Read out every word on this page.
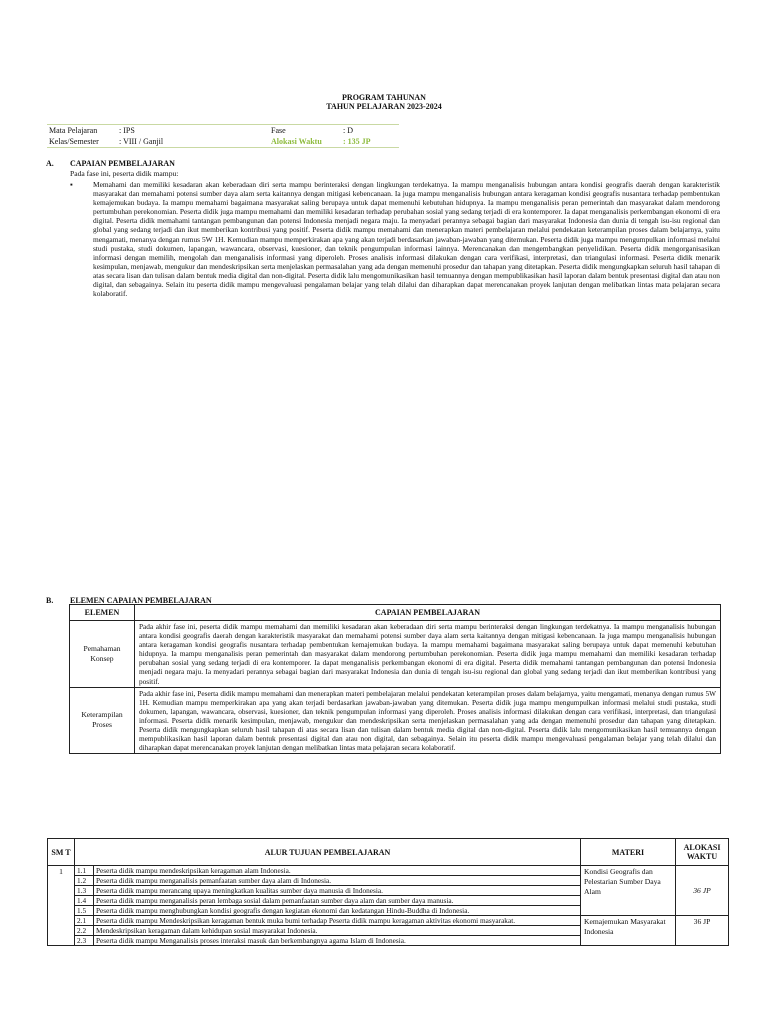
PROGRAM TAHUNAN
TAHUN PELAJARAN 2023-2024
Mata Pelajaran	: IPS	Fase	: D
Kelas/Semester	: VIII / Ganjil	Alokasi Waktu	: 135 JP
A. CAPAIAN PEMBELAJARAN
Pada fase ini, peserta didik mampu:
▪	Memahami dan memiliki kesadaran akan keberadaan diri serta mampu berinteraksi dengan lingkungan terdekatnya. Ia mampu menganalisis hubungan antara kondisi geografis daerah dengan karakteristik masyarakat dan memahami potensi sumber daya alam serta kaitannya dengan mitigasi kebencanaan. Ia juga mampu menganalisis hubungan antara keragaman kondisi geografis nusantara terhadap pembentukan kemajemukan budaya. Ia mampu memahami bagaimana masyarakat saling berupaya untuk dapat memenuhi kebutuhan hidupnya. Ia mampu menganalisis peran pemerintah dan masyarakat dalam mendorong pertumbuhan perekonomian. Peserta didik juga mampu memahami dan memiliki kesadaran terhadap perubahan sosial yang sedang terjadi di era kontemporer. Ia dapat menganalisis perkembangan ekonomi di era digital. Peserta didik memahami tantangan pembangunan dan potensi Indonesia menjadi negara maju. Ia menyadari perannya sebagai bagian dari masyarakat Indonesia dan dunia di tengah isu-isu regional dan global yang sedang terjadi dan ikut memberikan kontribusi yang positif. Peserta didik mampu memahami dan menerapkan materi pembelajaran melalui pendekatan keterampilan proses dalam belajarnya, yaitu mengamati, menanya dengan rumus 5W 1H. Kemudian mampu memperkirakan apa yang akan terjadi berdasarkan jawaban-jawaban yang ditemukan. Peserta didik juga mampu mengumpulkan informasi melalui studi pustaka, studi dokumen, lapangan, wawancara, observasi, kuesioner, dan teknik pengumpulan informasi lainnya. Merencanakan dan mengembangkan penyelidikan. Peserta didik mengorganisasikan informasi dengan memilih, mengolah dan menganalisis informasi yang diperoleh. Proses analisis informasi dilakukan dengan cara verifikasi, interpretasi, dan triangulasi informasi. Peserta didik menarik kesimpulan, menjawab, mengukur dan mendeskripsikan serta menjelaskan permasalahan yang ada dengan memenuhi prosedur dan tahapan yang ditetapkan. Peserta didik mengungkapkan seluruh hasil tahapan di atas secara lisan dan tulisan dalam bentuk media digital dan non-digital. Peserta didik lalu mengomunikasikan hasil temuannya dengan mempublikasikan hasil laporan dalam bentuk presentasi digital dan atau non digital, dan sebagainya. Selain itu peserta didik mampu mengevaluasi pengalaman belajar yang telah dilalui dan diharapkan dapat merencanakan proyek lanjutan dengan melibatkan lintas mata pelajaran secara kolaboratif.
B. ELEMEN CAPAIAN PEMBELAJARAN
ELEMEN	CAPAIAN PEMBELAJARAN
Pemahaman
Konsep	Pada akhir fase ini, peserta didik mampu memahami dan memiliki kesadaran akan keberadaan diri serta mampu berinteraksi dengan lingkungan terdekatnya. Ia mampu menganalisis hubungan antara kondisi geografis daerah dengan karakteristik masyarakat dan memahami potensi sumber daya alam serta kaitannya dengan mitigasi kebencanaan. Ia juga mampu menganalisis hubungan antara keragaman kondisi geografis nusantara terhadap pembentukan kemajemukan budaya. Ia mampu memahami bagaimana masyarakat saling berupaya untuk dapat memenuhi kebutuhan hidupnya. Ia mampu menganalisis peran pemerintah dan masyarakat dalam mendorong pertumbuhan perekonomian. Peserta didik juga mampu memahami dan memiliki kesadaran terhadap perubahan sosial yang sedang terjadi di era kontemporer. Ia dapat menganalisis perkembangan ekonomi di era digital. Peserta didik memahami tantangan pembangunan dan potensi Indonesia menjadi negara maju. Ia menyadari perannya sebagai bagian dari masyarakat Indonesia dan dunia di tengah isu-isu regional dan global yang sedang terjadi dan ikut memberikan kontribusi yang positif.
Keterampilan
Proses	Pada akhir fase ini, Peserta didik mampu memahami dan menerapkan materi pembelajaran melalui pendekatan keterampilan proses dalam belajarnya, yaitu mengamati, menanya dengan rumus 5W 1H. Kemudian mampu memperkirakan apa yang akan terjadi berdasarkan jawaban-jawaban yang ditemukan. Peserta didik juga mampu mengumpulkan informasi melalui studi pustaka, studi dokumen, lapangan, wawancara, observasi, kuesioner, dan teknik pengumpulan informasi yang diperoleh. Proses analisis informasi dilakukan dengan cara verifikasi, interpretasi, dan triangulasi informasi. Peserta didik menarik kesimpulan, menjawab, mengukur dan mendeskripsikan serta menjelaskan permasalahan yang ada dengan memenuhi prosedur dan tahapan yang ditetapkan. Peserta didik mengungkapkan seluruh hasil tahapan di atas secara lisan dan tulisan dalam bentuk media digital dan non-digital. Peserta didik lalu mengomunikasikan hasil temuannya dengan mempublikasikan hasil laporan dalam bentuk presentasi digital dan atau non digital, dan sebagainya. Selain itu peserta didik mampu mengevaluasi pengalaman belajar yang telah dilalui dan diharapkan dapat merencanakan proyek lanjutan dengan melibatkan lintas mata pelajaran secara kolaboratif.
SM T	ALUR TUJUAN PEMBELAJARAN		MATERI	ALOKASI
WAKTU
1	1.1	Peserta didik mampu mendeskripsikan keragaman alam Indonesia.	Kondisi Geografis dan Pelestarian Sumber Daya Alam	36 JP
	1.2	Peserta didik mampu menganalisis pemanfaatan sumber daya alam di Indonesia.		
	1.3	Peserta didik mampu merancang upaya meningkatkan kualitas sumber daya manusia di Indonesia.		
	1.4	Peserta didik mampu menganalisis peran lembaga sosial dalam pemanfaatan sumber daya alam dan sumber daya manusia.		
	1.5	Peserta didik mampu menghubungkan kondisi geografis dengan kegiatan ekonomi dan kedatangan Hindu-Buddha di Indonesia.		
	2.1	Peserta didik mampu Mendeskripsikan keragaman bentuk muka bumi terhadap Peserta didik mampu keragaman aktivitas ekonomi masyarakat.	Kemajemukan Masyarakat Indonesia	36 JP
	2.2	Mendeskripsikan keragaman dalam kehidupan sosial masyarakat Indonesia.		
	2.3	Peserta didik mampu Menganalisis proses interaksi masuk dan berkembangnya agama Islam di Indonesia.		
